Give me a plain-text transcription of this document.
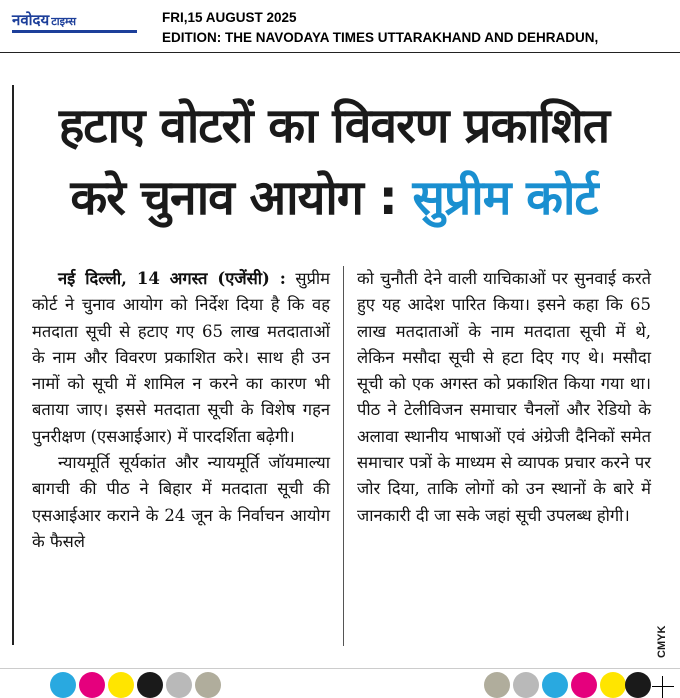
नवोदय टाइम्स	FRI,15 AUGUST 2025
EDITION: THE NAVODAYA TIMES UTTARAKHAND AND DEHRADUN,
हटाए वोटरों का विवरण प्रकाशित
करे चुनाव आयोग : सुप्रीम कोर्ट

नई दिल्ली, 14 अगस्त (एजेंसी) : सुप्रीम कोर्ट ने चुनाव आयोग को निर्देश दिया है कि वह मतदाता सूची से हटाए गए 65 लाख मतदाताओं के नाम और विवरण प्रकाशित करे। साथ ही उन नामों को सूची में शामिल न करने का कारण भी बताया जाए। इससे मतदाता सूची के विशेष गहन पुनरीक्षण (एसआईआर) में पारदर्शिता बढ़ेगी।

न्यायमूर्ति सूर्यकांत और न्यायमूर्ति जॉयमाल्या बागची की पीठ ने बिहार में मतदाता सूची की एसआईआर कराने के 24 जून के निर्वाचन आयोग के फैसले

को चुनौती देने वाली याचिकाओं पर सुनवाई करते हुए यह आदेश पारित किया। इसने कहा कि 65 लाख मतदाताओं के नाम मतदाता सूची में थे, लेकिन मसौदा सूची से हटा दिए गए थे। मसौदा सूची को एक अगस्त को प्रकाशित किया गया था। पीठ ने टेलीविजन समाचार चैनलों और रेडियो के अलावा स्थानीय भाषाओं एवं अंग्रेजी दैनिकों समेत समाचार पत्रों के माध्यम से व्यापक प्रचार करने पर जोर दिया, ताकि लोगों को उन स्थानों के बारे में जानकारी दी जा सके जहां सूची उपलब्ध होगी।

CMYK
